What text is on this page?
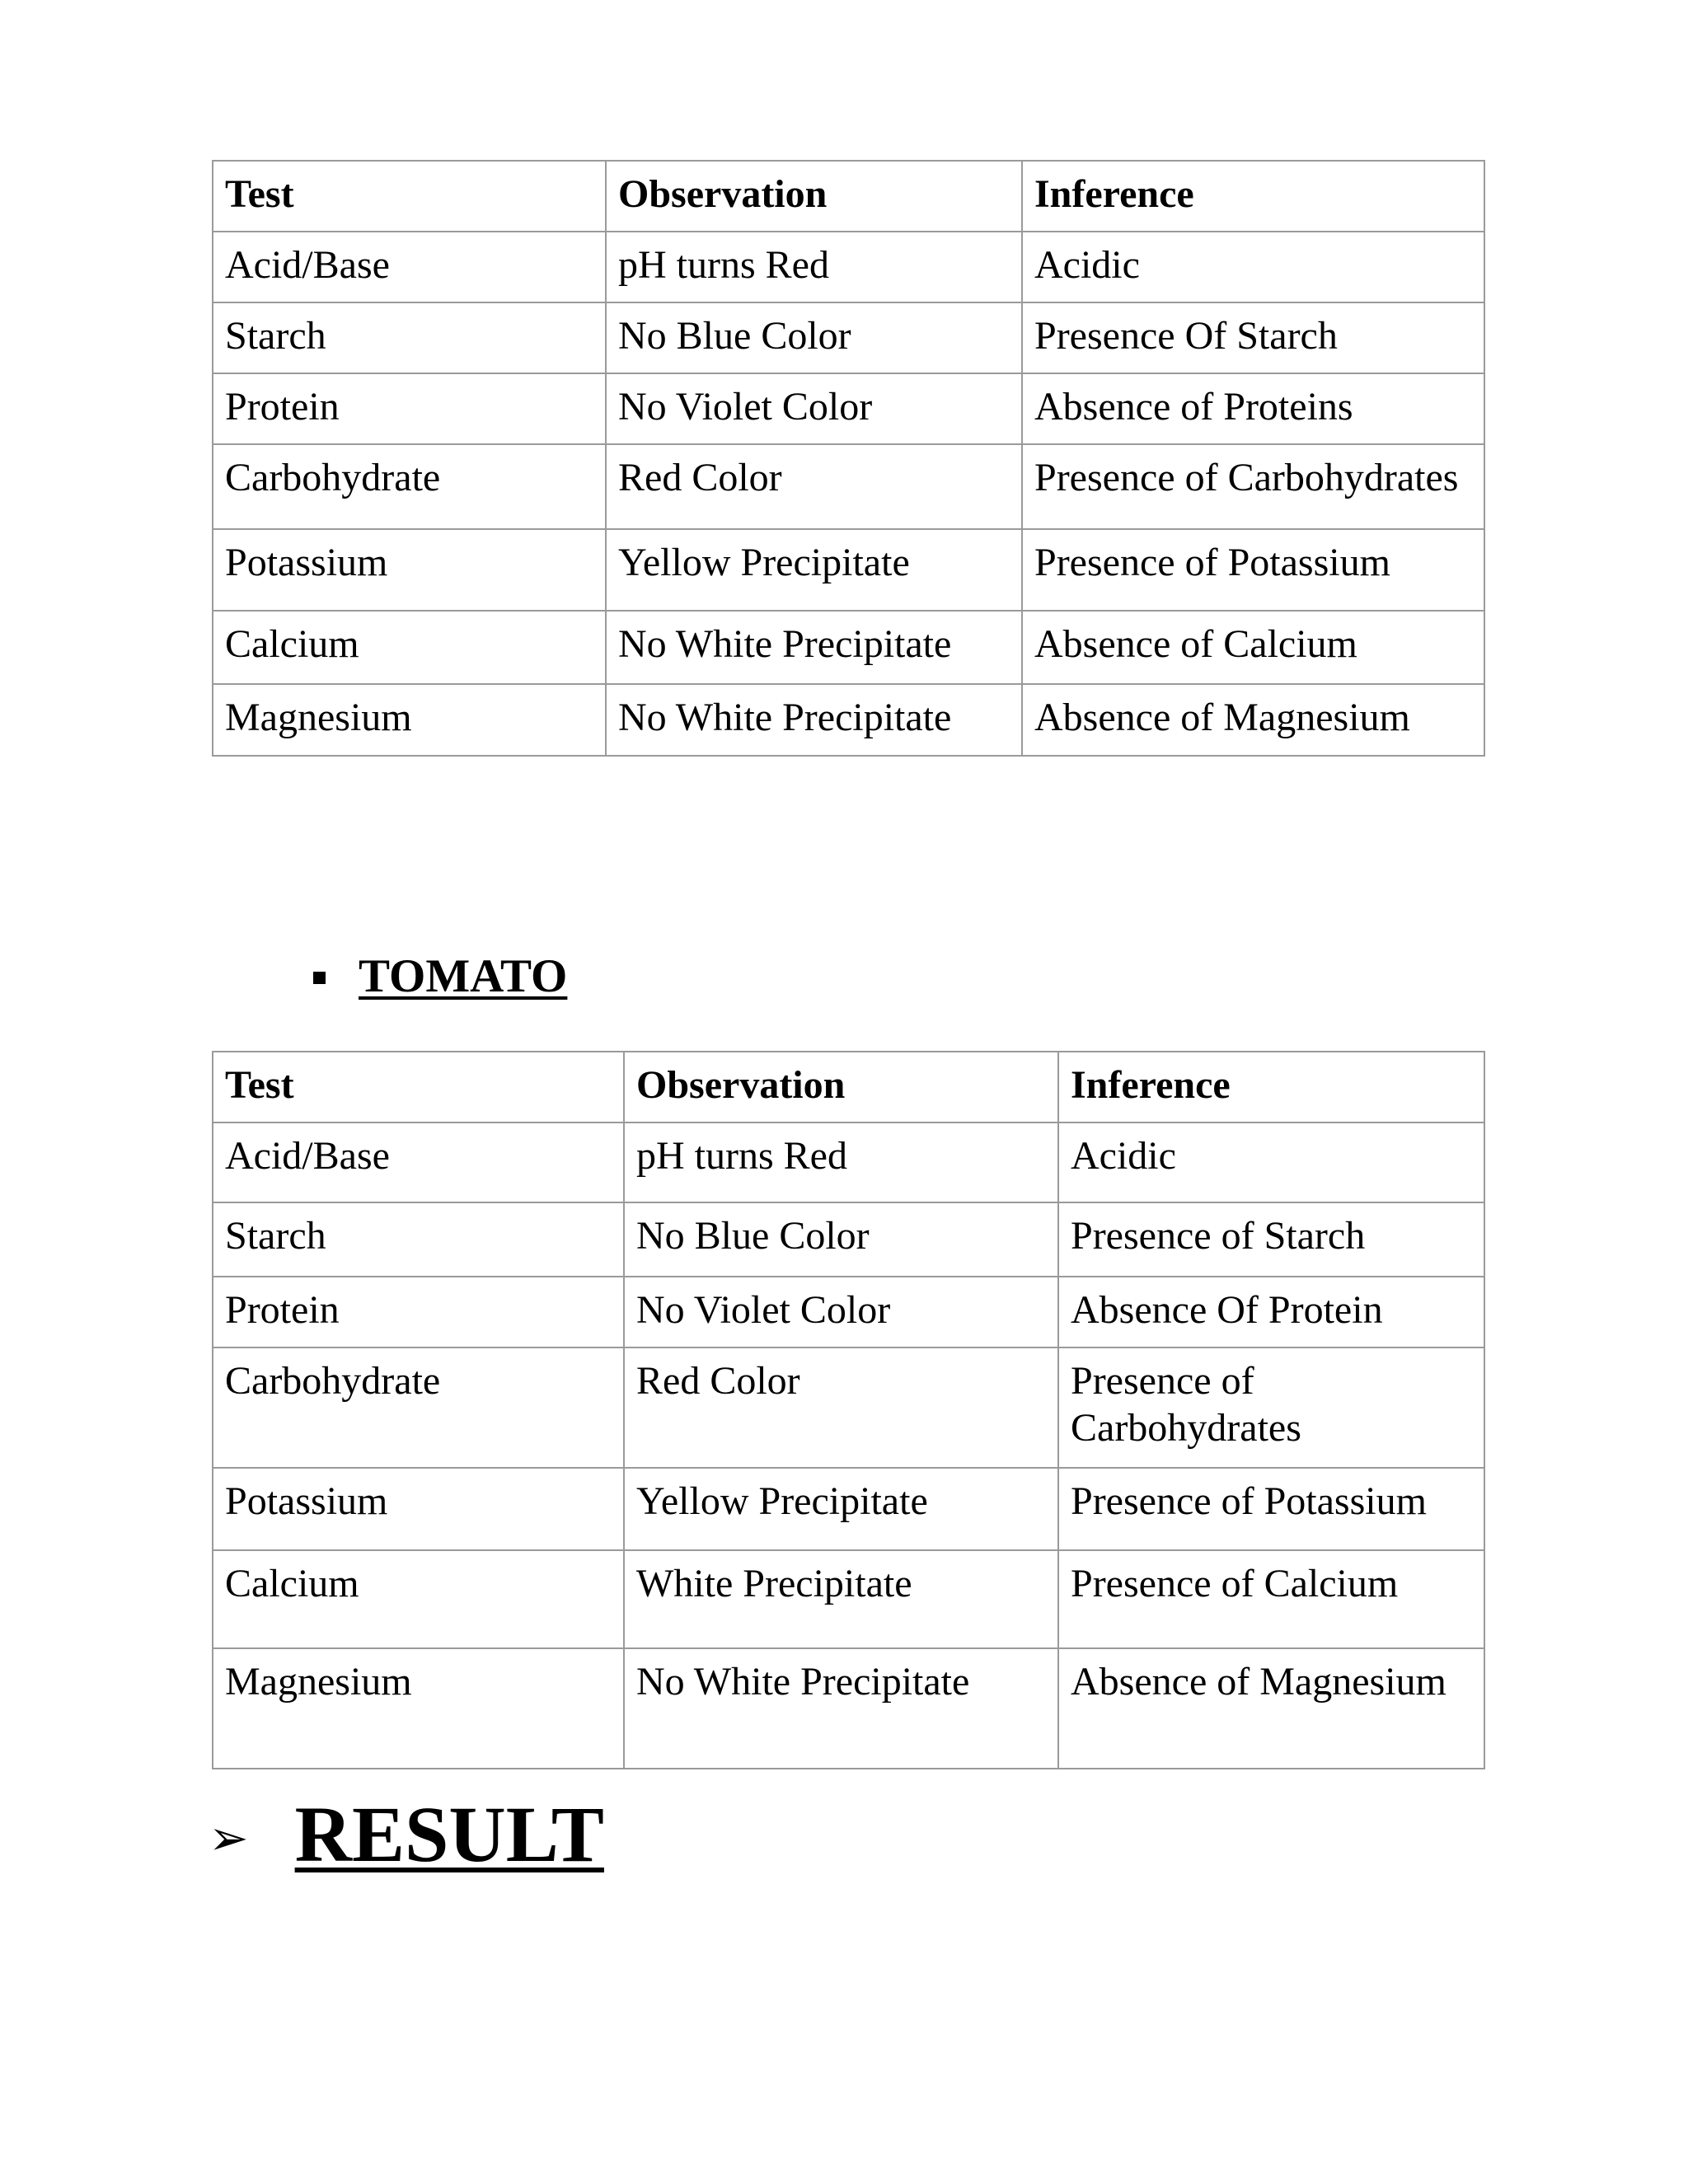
Test	Observation	Inference
Acid/Base	pH turns Red	Acidic
Starch	No Blue Color	Presence Of Starch
Protein	No Violet Color	Absence of Proteins

Carbohydrate	Red Color	Presence of Carbohydrates

Potassium	Yellow Precipitate	Presence of Potassium
Calcium	No White Precipitate	Absence of Calcium
Magnesium	No White Precipitate	Absence of Magnesium
TOMATO
Test	Observation	Inference
Acid/Base	pH turns Red	Acidic
Starch	No Blue Color	Presence of Starch
Protein	No Violet Color	Absence Of Protein
Carbohydrate	Red Color	Presence of Carbohydrates
Potassium	Yellow Precipitate	Presence of Potassium
Calcium	White Precipitate	Presence of Calcium
Magnesium	No White Precipitate	Absence of Magnesium
➢ RESULT
